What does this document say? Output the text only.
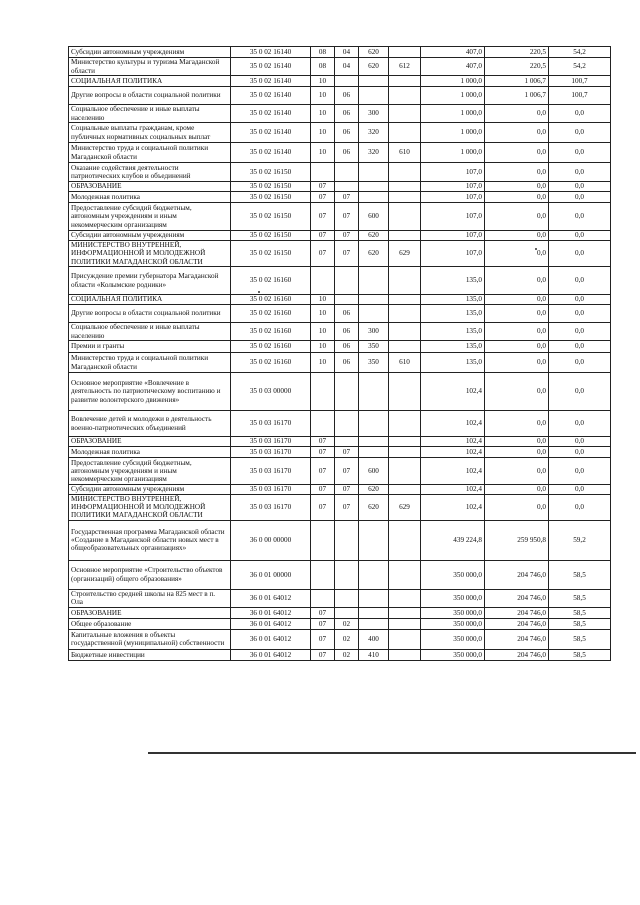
Субсидии автономным учреждениям	35 0 02 16140	08	04	620		407,0	220,5	54,2
Министерство культуры и туризма Магаданской области	35 0 02 16140	08	04	620	612	407,0	220,5	54,2
СОЦИАЛЬНАЯ ПОЛИТИКА	35 0 02 16140	10				1 000,0	1 006,7	100,7
Другие вопросы в области социальной политики	35 0 02 16140	10	06			1 000,0	1 006,7	100,7
Социальное обеспечение и иные выплаты населению	35 0 02 16140	10	06	300		1 000,0	0,0	0,0
Социальные выплаты гражданам, кроме публичных нормативных социальных выплат	35 0 02 16140	10	06	320		1 000,0	0,0	0,0
Министерство труда и социальной политики Магаданской области	35 0 02 16140	10	06	320	610	1 000,0	0,0	0,0
Оказание содействия деятельности патриотических клубов и объединений	35 0 02 16150					107,0	0,0	0,0
ОБРАЗОВАНИЕ	35 0 02 16150	07				107,0	0,0	0,0
Молодежная политика	35 0 02 16150	07	07			107,0	0,0	0,0
Предоставление субсидий бюджетным, автономным учреждениям и иным некоммерческим организациям	35 0 02 16150	07	07	600		107,0	0,0	0,0
Субсидии автономным учреждениям	35 0 02 16150	07	07	620		107,0	0,0	0,0
МИНИСТЕРСТВО ВНУТРЕННЕЙ, ИНФОРМАЦИОННОЙ И МОЛОДЕЖНОЙ ПОЛИТИКИ МАГАДАНСКОЙ ОБЛАСТИ	35 0 02 16150	07	07	620	629	107,0	0,0	0,0
Присуждение премии губернатора Магаданской области «Колымские родники»	35 0 02 16160					135,0	0,0	0,0
СОЦИАЛЬНАЯ ПОЛИТИКА	35 0 02 16160	10				135,0	0,0	0,0
Другие вопросы в области социальной политики	35 0 02 16160	10	06			135,0	0,0	0,0
Социальное обеспечение и иные выплаты населению	35 0 02 16160	10	06	300		135,0	0,0	0,0
Премии и гранты	35 0 02 16160	10	06	350		135,0	0,0	0,0
Министерство труда и социальной политики Магаданской области	35 0 02 16160	10	06	350	610	135,0	0,0	0,0
Основное мероприятие «Вовлечение в деятельность по патриотическому воспитанию и развитие волонтерского движения»	35 0 03 00000					102,4	0,0	0,0
Вовлечение детей и молодежи в деятельность военно-патриотических объединений	35 0 03 16170					102,4	0,0	0,0
ОБРАЗОВАНИЕ	35 0 03 16170	07				102,4	0,0	0,0
Молодежная политика	35 0 03 16170	07	07			102,4	0,0	0,0
Предоставление субсидий бюджетным, автономным учреждениям и иным некоммерческим организациям	35 0 03 16170	07	07	600		102,4	0,0	0,0
Субсидии автономным учреждениям	35 0 03 16170	07	07	620		102,4	0,0	0,0
МИНИСТЕРСТВО ВНУТРЕННЕЙ, ИНФОРМАЦИОННОЙ И МОЛОДЕЖНОЙ ПОЛИТИКИ МАГАДАНСКОЙ ОБЛАСТИ	35 0 03 16170	07	07	620	629	102,4	0,0	0,0
Государственная программа Магаданской области «Создание в Магаданской области новых мест в общеобразовательных организациях»	36 0 00 00000					439 224,8	259 950,8	59,2
Основное мероприятие «Строительство объектов (организаций) общего образования»	36 0 01 00000					350 000,0	204 746,0	58,5
Строительство средней школы на 825 мест в п. Ола	36 0 01 64012					350 000,0	204 746,0	58,5
ОБРАЗОВАНИЕ	36 0 01 64012	07				350 000,0	204 746,0	58,5
Общее образование	36 0 01 64012	07	02			350 000,0	204 746,0	58,5
Капитальные вложения в объекты государственной (муниципальной) собственности	36 0 01 64012	07	02	400		350 000,0	204 746,0	58,5
Бюджетные инвестиции	36 0 01 64012	07	02	410		350 000,0	204 746,0	58,5
